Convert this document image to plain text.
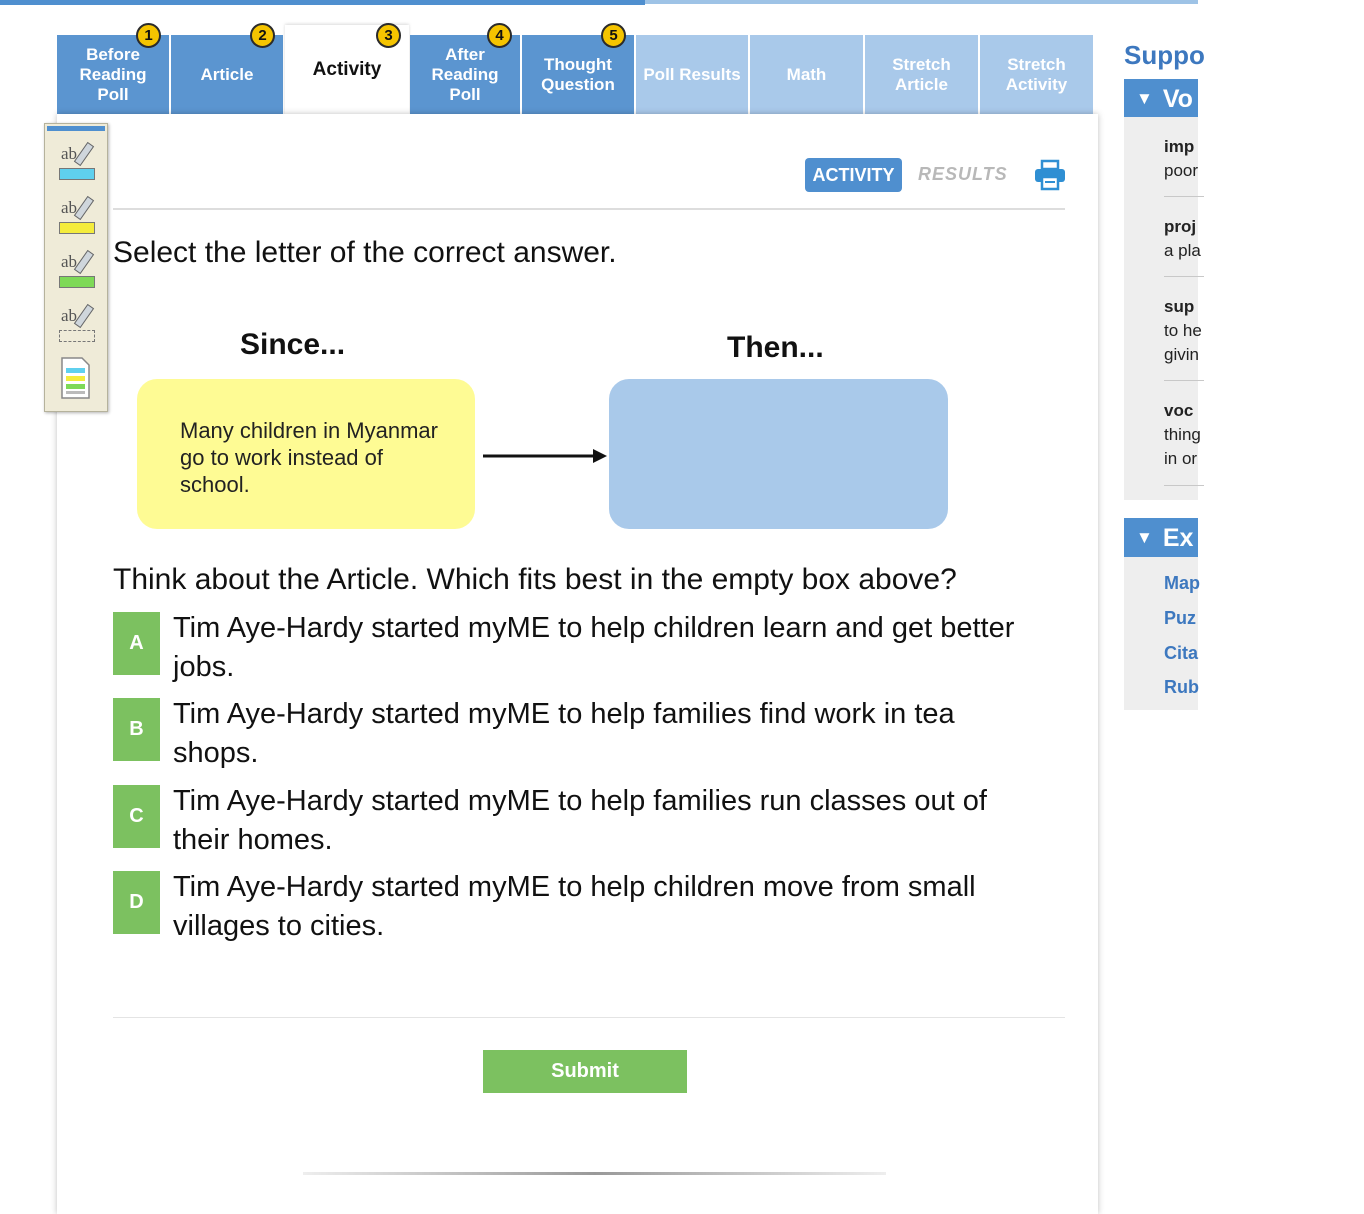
Before
Reading
Poll
1
Article
2
Activity
3
After
Reading
Poll
4
Thought
Question
5
Poll Results	Math
Stretch
Article
Stretch
Activity
ab
ab
ab
ab
ACTIVITY	RESULTS
Select the letter of the correct answer.
Since...	Then...
Many children in Myanmar go to work instead of school.
Think about the Article. Which fits best in the empty box above?
A	Tim Aye-Hardy started myME to help children learn and get better jobs.
B	Tim Aye-Hardy started myME to help families find work in tea shops.
C	Tim Aye-Hardy started myME to help families run classes out of their homes.
D	Tim Aye-Hardy started myME to help children move from small villages to cities.
Submit
Suppo
▼ Vo
imp
poor
proj
a pla
sup
to he
givin
voc
thing
in or
▼ Ex
Map
Puz
Cita
Rub
